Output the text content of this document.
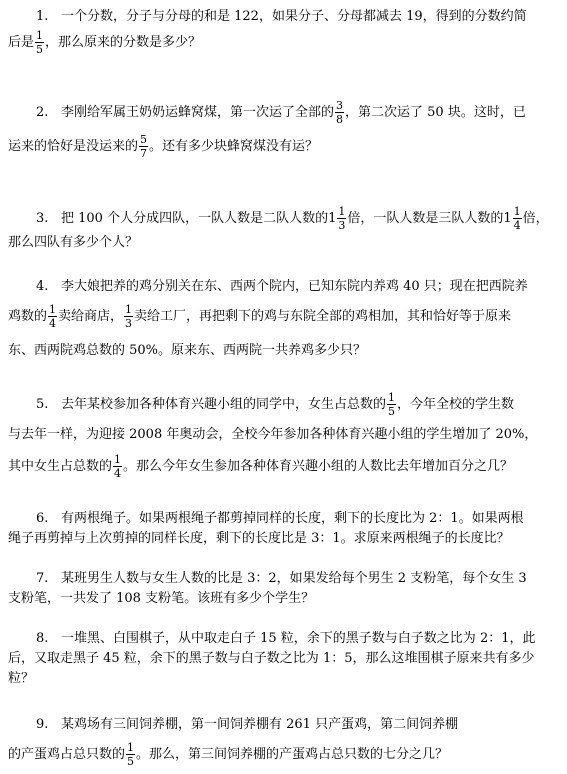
1. 一个分数，分子与分母的和是 122，如果分子、分母都减去 19，得到的分数约简
后是 $\frac{1}{5}$ ，那么原来的分数是多少？
2. 李刚给军属王奶奶运蜂窝煤，第一次运了全部的 $\frac{3}{8}$ ，第二次运了 50 块。这时，已
运来的恰好是没运来的 $\frac{5}{7}$ 。还有多少块蜂窝煤没有运？
3. 把 100 个人分成四队，一队人数是二队人数的$1 \frac{1}{3}$ 倍，一队人数是三队人数的$1 \frac{1}{4}$ 倍，
那么四队有多少个人？
4. 李大娘把养的鸡分别关在东、西两个院内，已知东院内养鸡 40 只；现在把西院养
鸡数的 $\frac{1}{4}$ 卖给商店， $\frac{1}{3}$ 卖给工厂，再把剩下的鸡与东院全部的鸡相加，其和恰好等于原来
东、西两院鸡总数的 50%。原来东、西两院一共养鸡多少只？
5. 去年某校参加各种体育兴趣小组的同学中，女生占总数的 $\frac{1}{5}$ ，今年全校的学生数
与去年一样，为迎接 2008 年奥动会，全校今年参加各种体育兴趣小组的学生增加了 20%，
其中女生占总数的 $\frac{1}{4}$ 。那么今年女生参加各种体育兴趣小组的人数比去年增加百分之几？
6. 有两根绳子。如果两根绳子都剪掉同样的长度，剩下的长度比为 2：1。如果两根
绳子再剪掉与上次剪掉的同样长度，剩下的长度比是 3：1。求原来两根绳子的长度比？
7. 某班男生人数与女生人数的比是 3：2，如果发给每个男生 2 支粉笔，每个女生 3
支粉笔，一共发了 108 支粉笔。该班有多少个学生？
8. 一堆黑、白围棋子，从中取走白子 15 粒，余下的黑子数与白子数之比为 2：1，此
后，又取走黑子 45 粒，余下的黑子数与白子数之比为 1：5，那么这堆围棋子原来共有多少
粒？
9. 某鸡场有三间饲养棚，第一间饲养棚有 261 只产蛋鸡，第二间饲养棚
的产蛋鸡占总只数的 $\frac{1}{5}$ 。那么，第三间饲养棚的产蛋鸡占总只数的七分之几？
